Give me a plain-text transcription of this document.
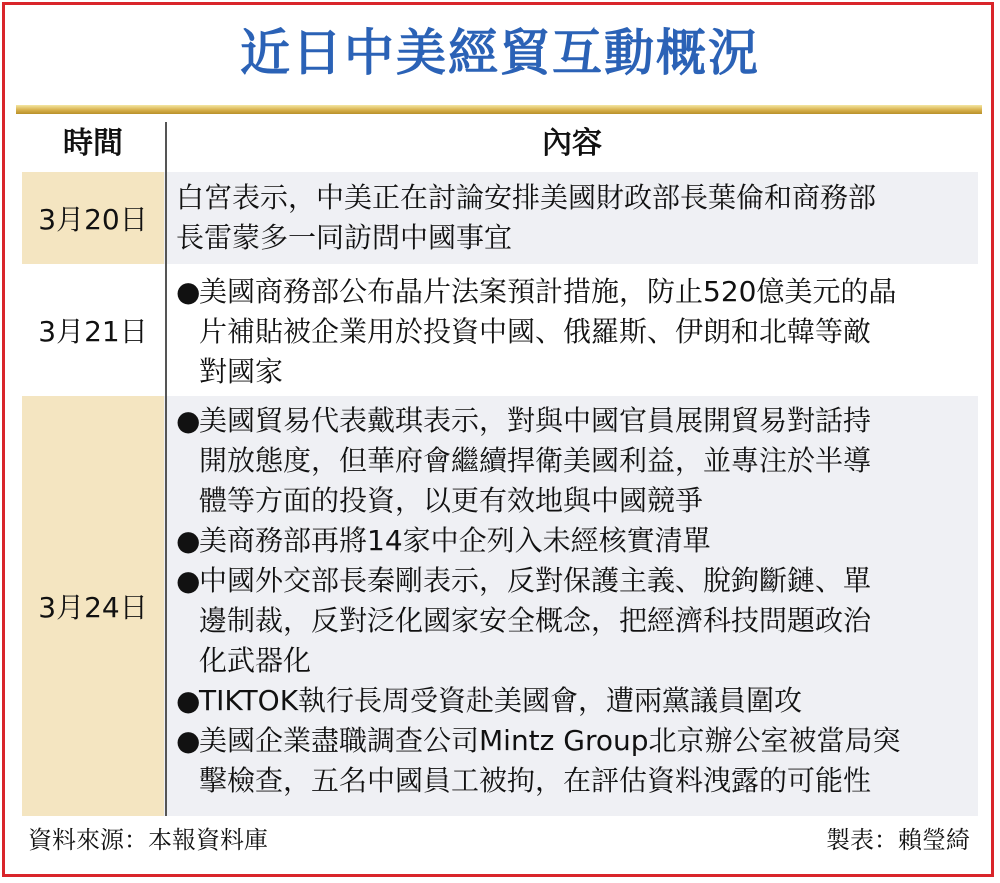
近日中美經貿互動概況
時間	內容
3月20日
白宮表示，中美正在討論安排美國財政部長葉倫和商務部
長雷蒙多一同訪問中國事宜
3月21日
●
美國商務部公布晶片法案預計措施，防止520億美元的晶
片補貼被企業用於投資中國、俄羅斯、伊朗和北韓等敵
對國家
3月24日
●
美國貿易代表戴琪表示，對與中國官員展開貿易對話持
開放態度，但華府會繼續捍衛美國利益，並專注於半導
體等方面的投資，以更有效地與中國競爭
●
美商務部再將14家中企列入未經核實清單
●
中國外交部長秦剛表示，反對保護主義、脫鉤斷鏈、單
邊制裁，反對泛化國家安全概念，把經濟科技問題政治
化武器化
●
TIKTOK執行長周受資赴美國會，遭兩黨議員圍攻
●
美國企業盡職調查公司Mintz Group北京辦公室被當局突
擊檢查，五名中國員工被拘，在評估資料洩露的可能性
資料來源：本報資料庫	製表：賴瑩綺
